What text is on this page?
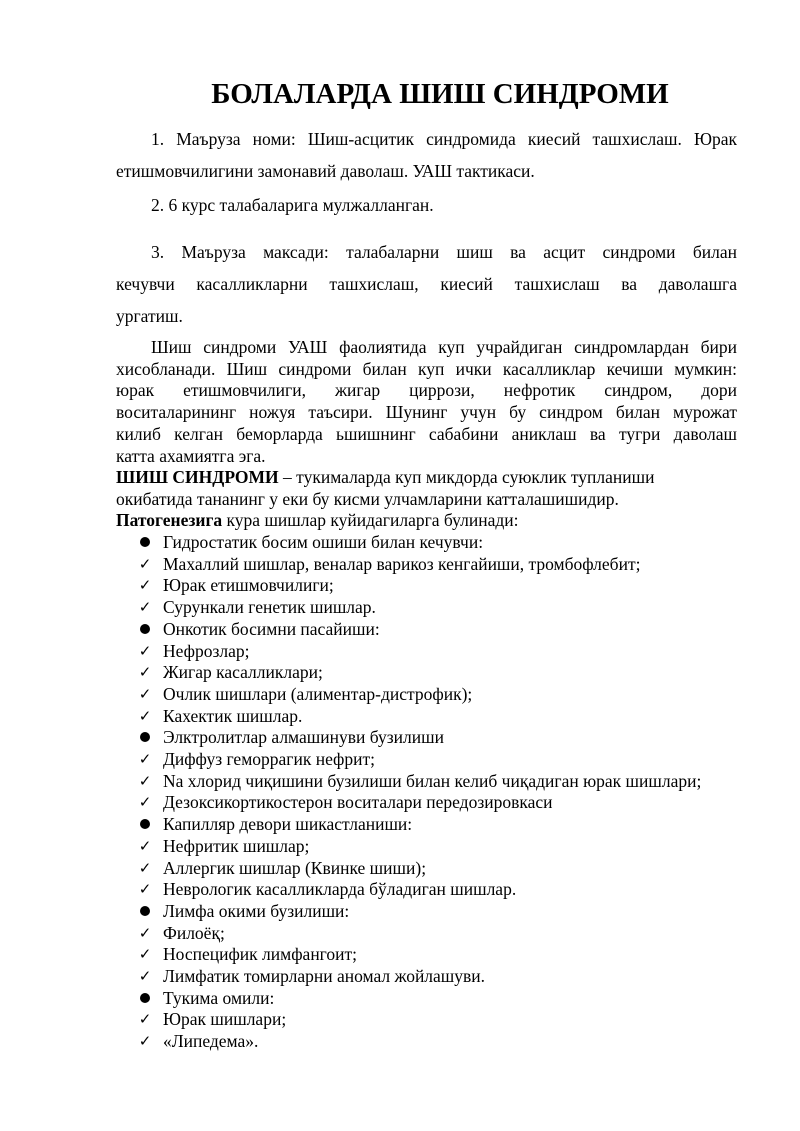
БОЛАЛАРДА ШИШ СИНДРОМИ
1. Маъруза номи: Шиш-асцитик синдромида киесий ташхислаш. Юрак
етишмовчилигини замонавий даволаш. УАШ тактикаси.
2. 6 курс талабаларига мулжалланган.
3. Маъруза максади: талабаларни шиш ва асцит синдроми билан
кечувчи касалликларни ташхислаш, киесий ташхислаш ва даволашга
ургатиш.
Шиш синдроми УАШ фаолиятида куп учрайдиган синдромлардан бири
хисобланади. Шиш синдроми билан куп ички касалликлар кечиши мумкин:
юрак етишмовчилиги, жигар циррози, нефротик синдром, дори
воситаларининг ножуя таъсири. Шунинг учун бу синдром билан мурожат
килиб келган беморларда ьшишнинг сабабини аниклаш ва тугри даволаш
катта ахамиятга эга.
ШИШ СИНДРОМИ – тукималарда куп микдорда суюклик тупланиши
окибатида тананинг у еки бу кисми улчамларини катталашишидир.
Патогенезига кура шишлар куйидагиларга булинади:
Гидростатик босим ошиши билан кечувчи:
✓ Махаллий шишлар, веналар варикоз кенгайиши, тромбофлебит;
✓ Юрак етишмовчилиги;
✓ Сурункали генетик шишлар.
Онкотик босимни пасайиши:
✓ Нефрозлар;
✓ Жигар касалликлари;
✓ Очлик шишлари (алиментар-дистрофик);
✓ Кахектик шишлар.
Элктролитлар алмашинуви бузилиши
✓ Диффуз геморрагик нефрит;
✓ Na хлорид чиқишини бузилиши билан келиб чиқадиган юрак шишлари;
✓ Дезоксикортикостерон воситалари передозировкаси
Капилляр девори шикастланиши:
✓ Нефритик шишлар;
✓ Аллергик шишлар (Квинке шиши);
✓ Неврологик касалликларда бўладиган шишлар.
Лимфа окими бузилиши:
✓ Филоёқ;
✓ Носпецифик лимфангоит;
✓ Лимфатик томирларни аномал жойлашуви.
Тукима омили:
✓ Юрак шишлари;
✓ «Липедема».
